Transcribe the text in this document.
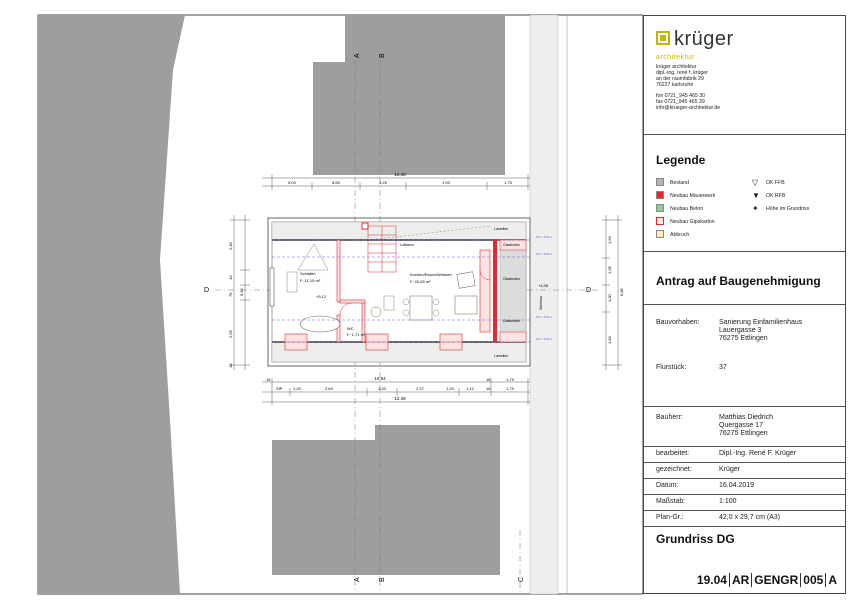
A	B
A	B	C
D	D
12,40
5,00	8,60	4,25	1,93	1,75
16	10,54	16	1,79
SIP	1,20	2,64	1,20	2,37	1,20	1,12	16	1,79
12,49
2,49
10
75 6,92
2,59
18
1,64
1,05
1,00
1,64
6,85
Schlafen
F: 11,15 m²
Kochen/Essen/Wohnen
F: 20,65 m²
WC
F: 1,71 m²
Lamellen
Lamellen
Luftraum	Glasboden
Glasboden
Glasboden
+5,12
+4,05
OK = 5,01m
OK = 5,01m
OK = 5,01m
OK = 5,01m
Stahlbau
krüger
architektur
krüger architektur
dipl.-ing. rené f. krüger
an der raumfabrik 29
76227 karlsruhe
fon 0721_945 465 30
fax 0721_945 465 39
info@krueger-architektur.de
Legende
Bestand
Neubau Mauerwerk
Neubau Beton
Neubau Gipskarton
Abbruch
▽ OK FFB
▼ OK RFB
✦ Höhe im Grundriss
Antrag auf Baugenehmigung
Bauvorhaben:	Sanierung Einfamilienhaus
Lauergasse 3
76275 Ettlingen
Flurstück:	37
Bauherr:	Matthias Diedrich
Quergasse 17
76275 Ettlingen
bearbeitet:	Dipl.-Ing. René F. Krüger
gezeichnet:	Krüger
Datum:	16.04.2019
Maßstab:	1:100
Plan-Gr.:	42,0 x 29,7 cm (A3)
Grundriss DG
19.04 AR GENGR 005 A
